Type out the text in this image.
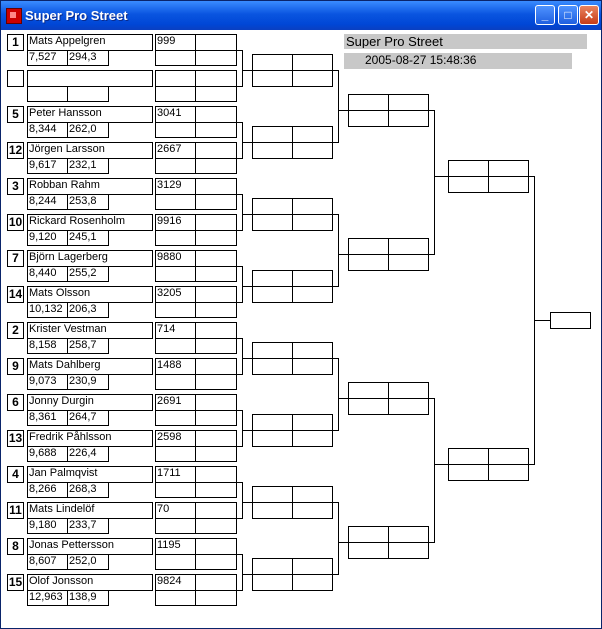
Super Pro Street	_	□	✕
Super Pro Street
2005-08-27 15:48:36
1 Mats Appelgren
7,527	294,3
999
5 Peter Hansson
8,344	262,0
3041
12 Jörgen Larsson
9,617	232,1
2667
3 Robban Rahm
8,244	253,8
3129
10 Rickard Rosenholm
9,120	245,1
9916
7 Björn Lagerberg
8,440	255,2
9880
14 Mats Olsson
10,132 206,3
3205
2 Krister Vestman
8,158	258,7
714
9 Mats Dahlberg
9,073	230,9
1488
6 Jonny Durgin
8,361	264,7
2691
13 Fredrik Påhlsson
9,688	226,4
2598
4 Jan Palmqvist
8,266	268,3
1711
11 Mats Lindelöf
9,180	233,7
70
8 Jonas Pettersson
8,607	252,0
1195
15 Olof Jonsson
12,963 138,9
9824
